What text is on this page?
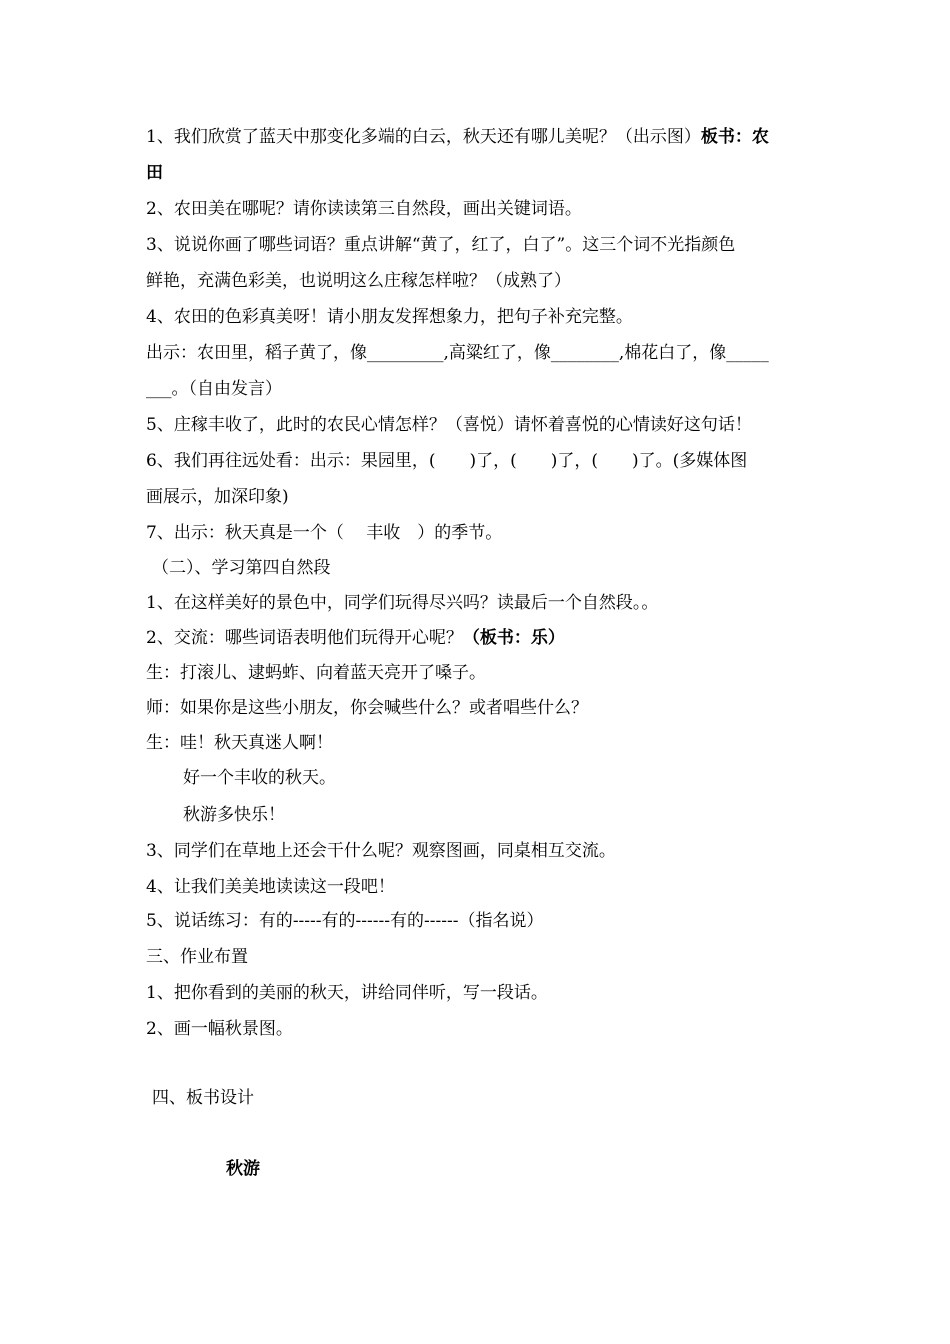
1、我们欣赏了蓝天中那变化多端的白云，秋天还有哪儿美呢？（出示图）板书：农
田
2、农田美在哪呢？请你读读第三自然段，画出关键词语。
3、说说你画了哪些词语？重点讲解“黄了，红了，白了”。这三个词不光指颜色
鲜艳，充满色彩美，也说明这么庄稼怎样啦？（成熟了）
4、农田的色彩真美呀！请小朋友发挥想象力，把句子补充完整。
出示：农田里，稻子黄了，像_________,高粱红了，像________,棉花白了，像_____
___。（自由发言）
5、庄稼丰收了，此时的农民心情怎样？（喜悦）请怀着喜悦的心情读好这句话！
6、我们再往远处看：出示：果园里，(　　)了，(　　)了，(　　)了。(多媒体图
画展示，加深印象)
7、出示：秋天真是一个（　 丰收　）的季节。
（二）、学习第四自然段
1、在这样美好的景色中，同学们玩得尽兴吗？读最后一个自然段。。
2、交流：哪些词语表明他们玩得开心呢？（板书：乐）
生：打滚儿、逮蚂蚱、向着蓝天亮开了嗓子。
师：如果你是这些小朋友，你会喊些什么？或者唱些什么？
生：哇！秋天真迷人啊！
好一个丰收的秋天。
秋游多快乐！
3、同学们在草地上还会干什么呢？观察图画，同桌相互交流。
4、让我们美美地读读这一段吧！
5、说话练习：有的-----有的------有的------（指名说）
三、作业布置
1、把你看到的美丽的秋天，讲给同伴听，写一段话。
2、画一幅秋景图。
四、板书设计
秋游
